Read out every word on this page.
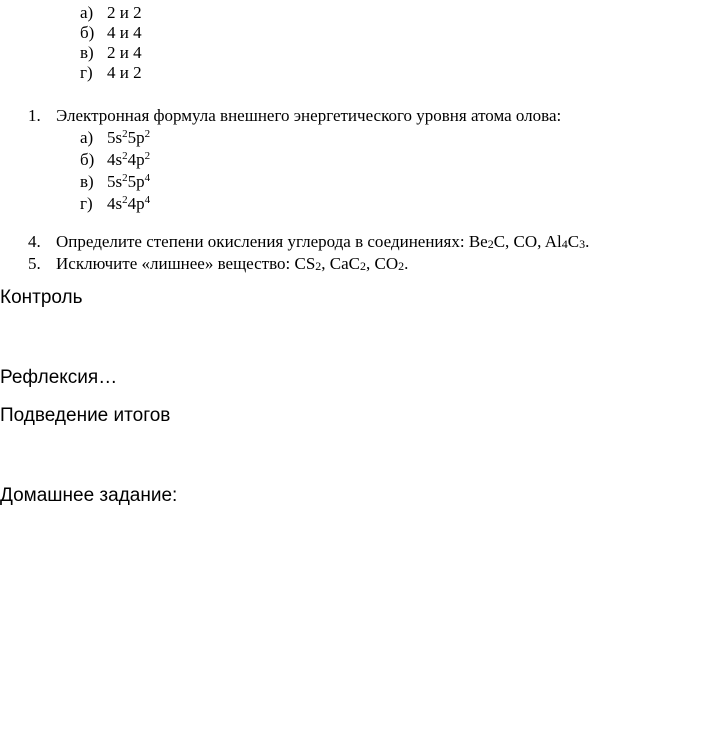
а) 2 и 2
б) 4 и 4
в) 2 и 4
г) 4 и 2
1. Электронная формула внешнего энергетического уровня атома олова:
а) $5s^25p^2$
б) $4s^24p^2$
в) $5s^25p^4$
г) $4s^24p^4$
4. Определите степени окисления углерода в соединениях: Be2C, CO, Al4C3.
5. Исключите «лишнее» вещество: CS2, CaC2, CO2.
Контроль
Рефлексия…
Подведение итогов
Домашнее задание:
